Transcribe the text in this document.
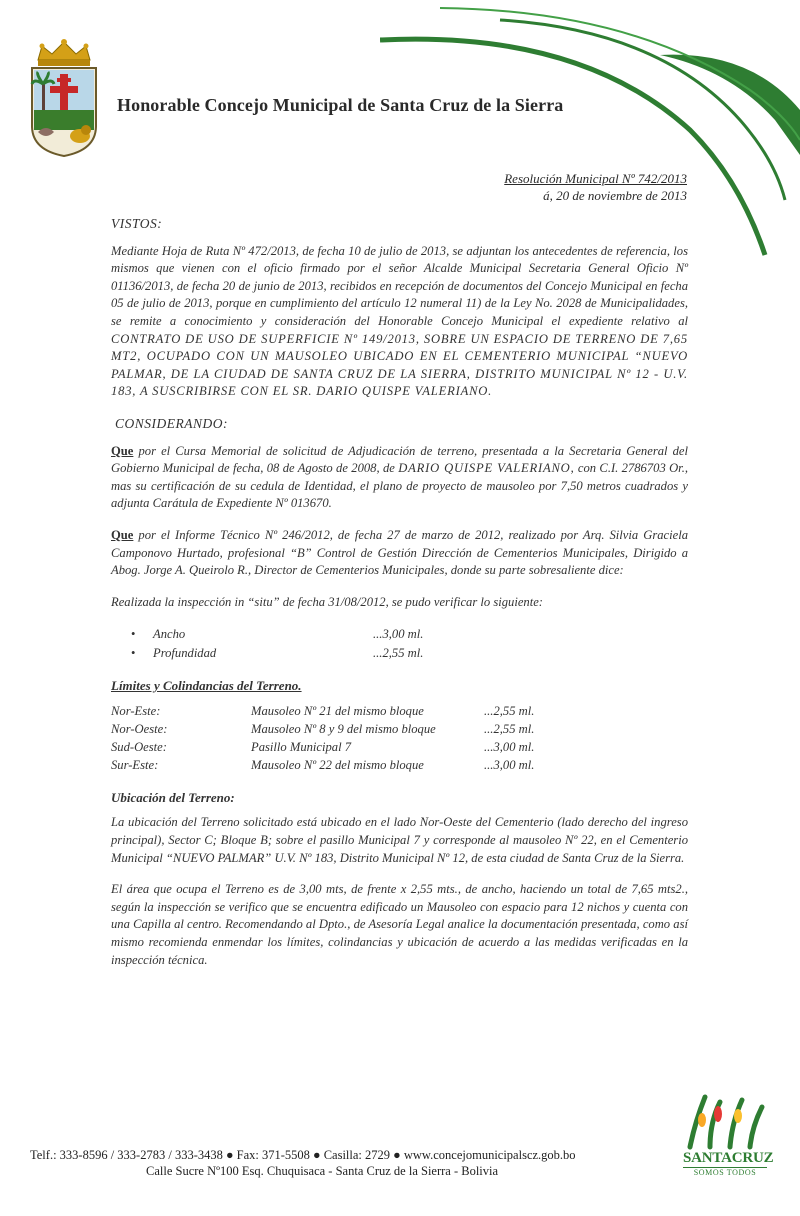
Honorable Concejo Municipal de Santa Cruz de la Sierra
Resolución Municipal Nº 742/2013
á, 20 de noviembre de 2013
VISTOS:

Mediante Hoja de Ruta Nº 472/2013, de fecha 10 de julio de 2013, se adjuntan los antecedentes de referencia, los mismos que vienen con el oficio firmado por el señor Alcalde Municipal Secretaria General Oficio Nº 01136/2013, de fecha 20 de junio de 2013, recibidos en recepción de documentos del Concejo Municipal en fecha 05 de julio de 2013, porque en cumplimiento del artículo 12 numeral 11) de la Ley No. 2028 de Municipalidades, se remite a conocimiento y consideración del Honorable Concejo Municipal el expediente relativo al CONTRATO DE USO DE SUPERFICIE Nº 149/2013, SOBRE UN ESPACIO DE TERRENO DE 7,65 MT2, OCUPADO CON UN MAUSOLEO UBICADO EN EL CEMENTERIO MUNICIPAL “NUEVO PALMAR, DE LA CIUDAD DE SANTA CRUZ DE LA SIERRA, DISTRITO MUNICIPAL Nº 12 - U.V. 183, A SUSCRIBIRSE CON EL SR. DARIO QUISPE VALERIANO.

CONSIDERANDO:

Que por el Cursa Memorial de solicitud de Adjudicación de terreno, presentada a la Secretaria General del Gobierno Municipal de fecha, 08 de Agosto de 2008, de DARIO QUISPE VALERIANO, con C.I. 2786703 Or., mas su certificación de su cedula de Identidad, el plano de proyecto de mausoleo por 7,50 metros cuadrados y adjunta Carátula de Expediente Nº 013670.

Que por el Informe Técnico Nº 246/2012, de fecha 27 de marzo de 2012, realizado por Arq. Silvia Graciela Camponovo Hurtado, profesional “B” Control de Gestión Dirección de Cementerios Municipales, Dirigido a Abog. Jorge A. Queirolo R., Director de Cementerios Municipales, donde su parte sobresaliente dice:

Realizada la inspección in “situ” de fecha 31/08/2012, se pudo verificar lo siguiente:

•	Ancho	...3,00 ml.
•	Profundidad	...2,55 ml.
Límites y Colindancias del Terreno.
Nor-Este:	Mausoleo Nº 21 del mismo bloque	...2,55 ml.
Nor-Oeste:	Mausoleo Nº 8 y 9 del mismo bloque	...2,55 ml.
Sud-Oeste:	Pasillo Municipal 7	...3,00 ml.
Sur-Este:	Mausoleo Nº 22 del mismo bloque	...3,00 ml.
Ubicación del Terreno:

La ubicación del Terreno solicitado está ubicado en el lado Nor-Oeste del Cementerio (lado derecho del ingreso principal), Sector C; Bloque B; sobre el pasillo Municipal 7 y corresponde al mausoleo Nº 22, en el Cementerio Municipal “NUEVO PALMAR” U.V. Nº 183, Distrito Municipal Nº 12, de esta ciudad de Santa Cruz de la Sierra.

El área que ocupa el Terreno es de 3,00 mts, de frente x 2,55 mts., de ancho, haciendo un total de 7,65 mts2., según la inspección se verifico que se encuentra edificado un Mausoleo con espacio para 12 nichos y cuenta con una Capilla al centro. Recomendando al Dpto., de Asesoría Legal analice la documentación presentada, como así mismo recomienda enmendar los límites, colindancias y ubicación de acuerdo a las medidas verificadas en la inspección técnica.

Telf.: 333-8596 / 333-2783 / 333-3438 ● Fax: 371-5508 ● Casilla: 2729 ● www.concejomunicipalscz.gob.bo
Calle Sucre Nº100 Esq. Chuquisaca - Santa Cruz de la Sierra - Bolivia
SANTACRUZ
SOMOS TODOS
